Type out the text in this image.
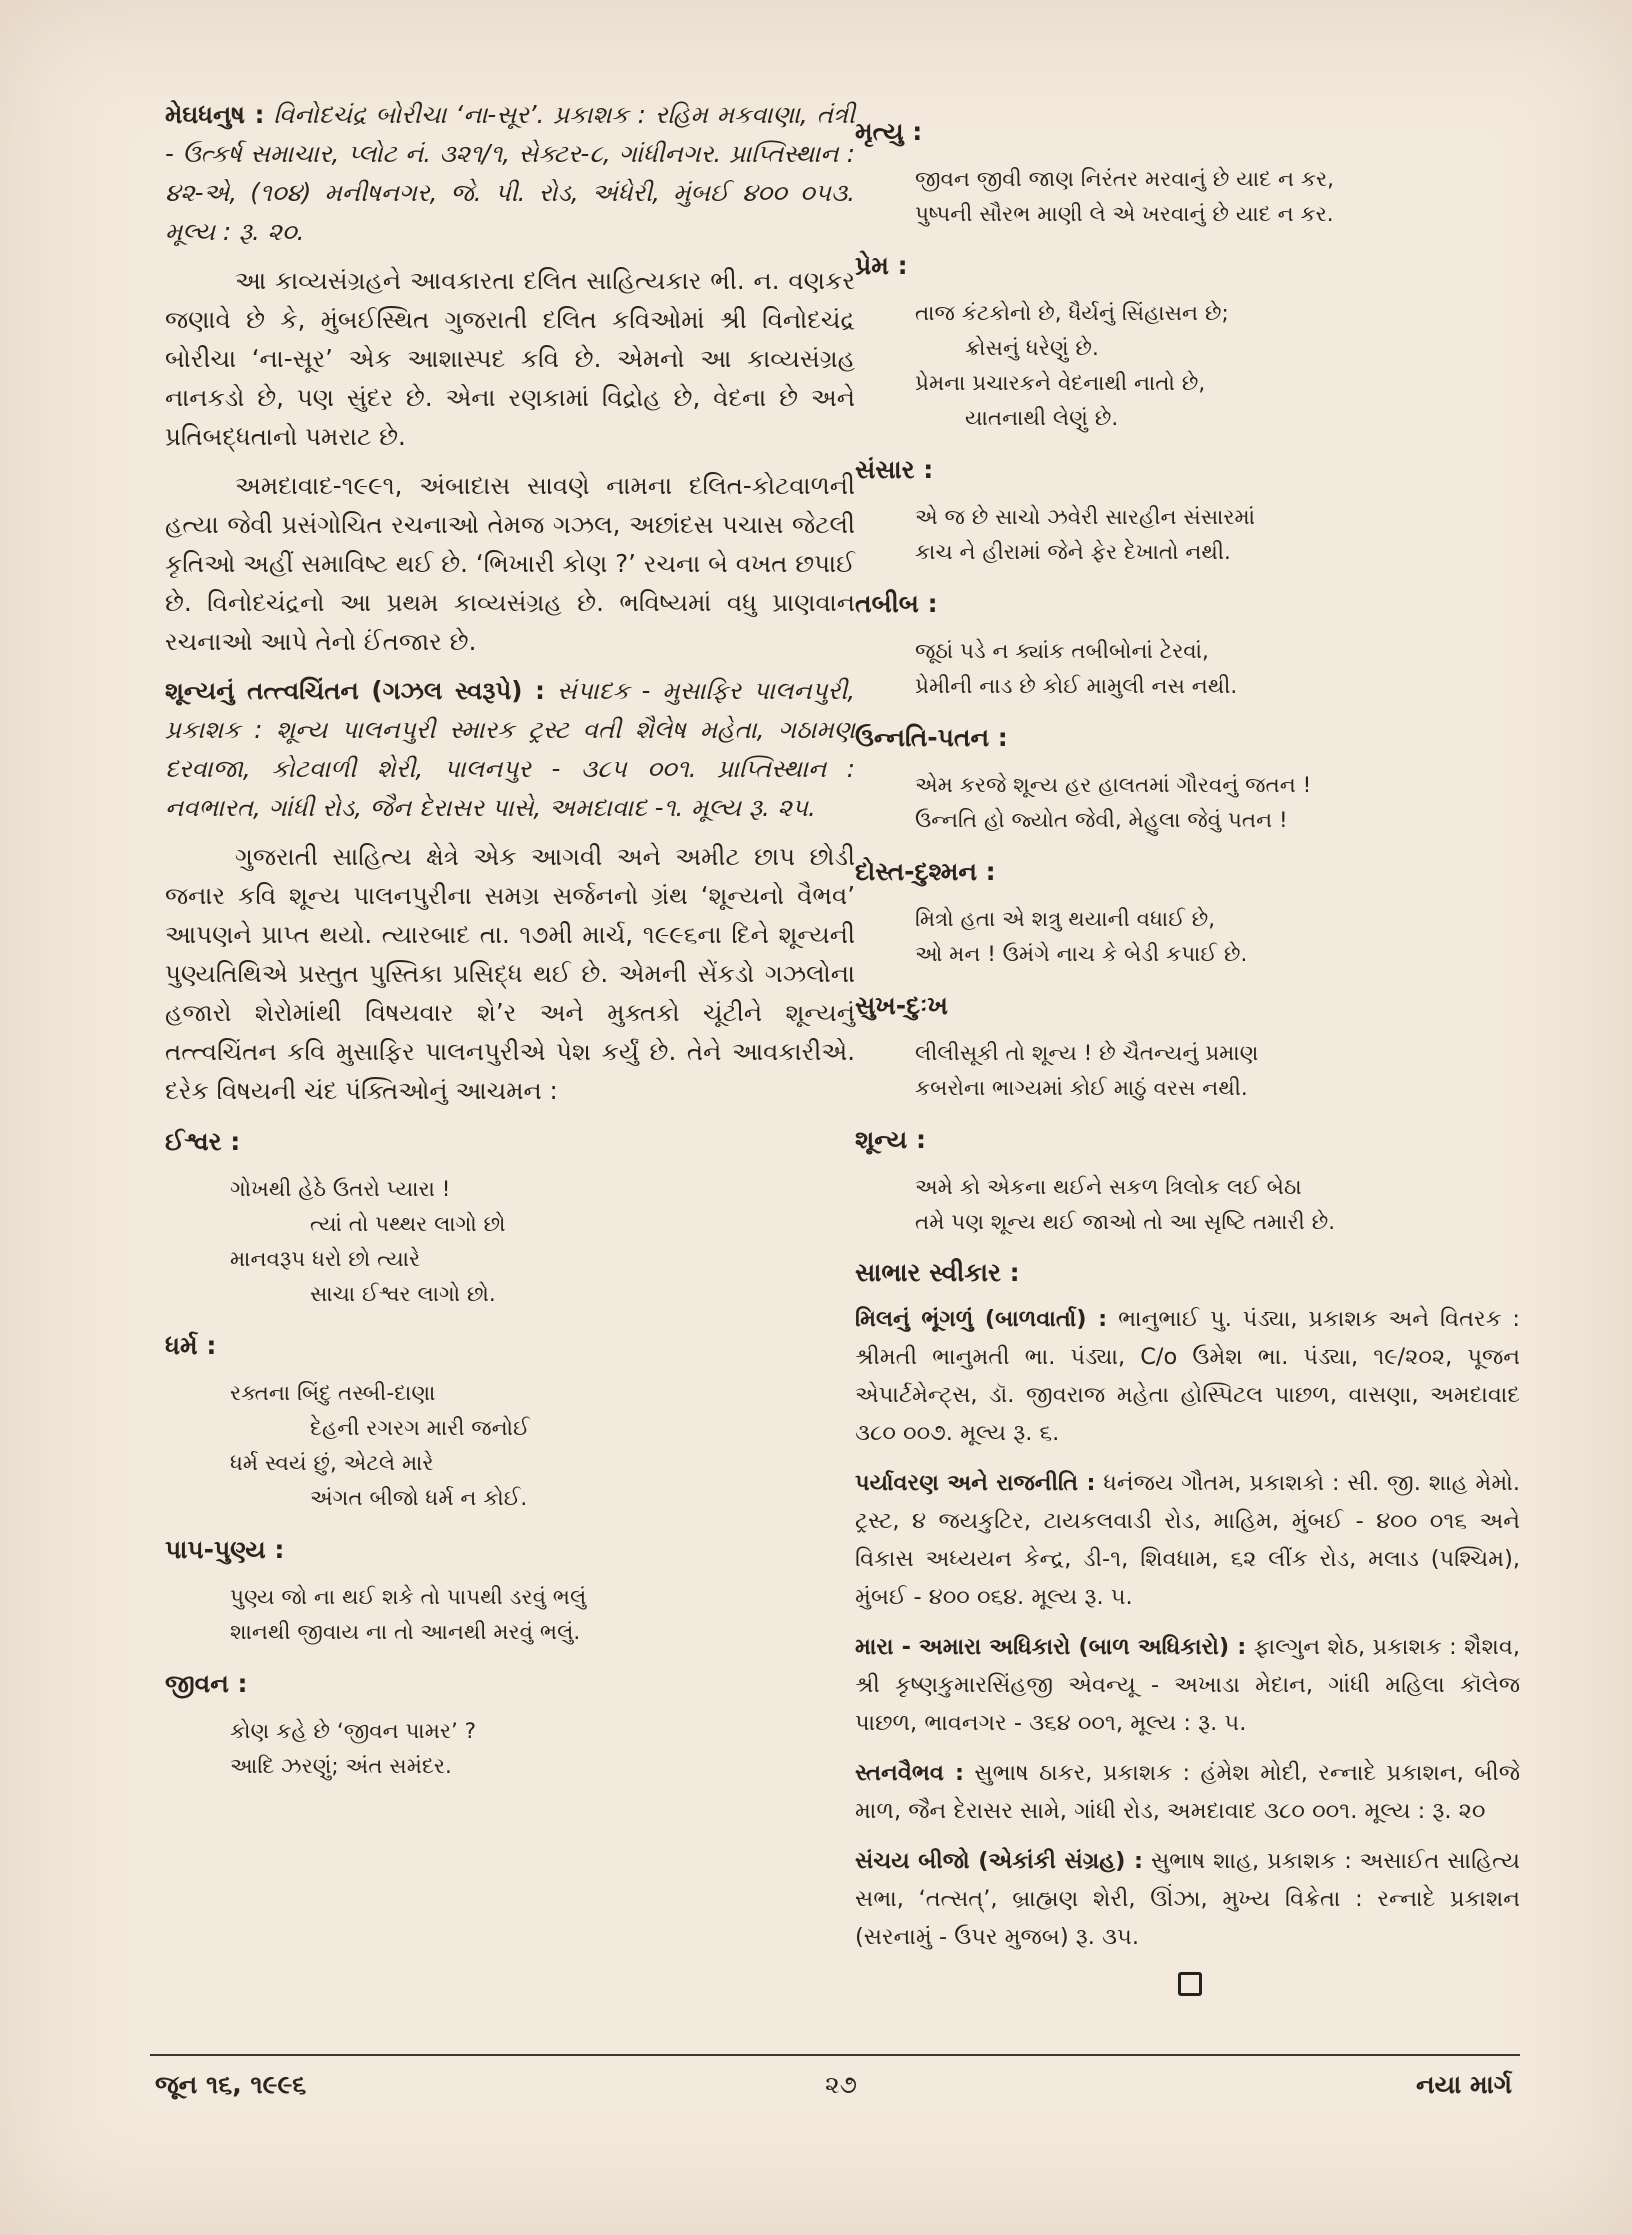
મેઘધનુષ : વિનોદચંદ્ર બોરીચા ‘ના-સૂર’. પ્રકાશક : રહિમ મકવાણા, તંત્રી - ઉત્કર્ષ સમાચાર, પ્લોટ નં. ૩૨૧/૧, સેક્ટર-૮, ગાંધીનગર. પ્રાપ્તિસ્થાન : ૪૨-એ, (૧૦૪) મનીષનગર, જે. પી. રોડ, અંધેરી, મુંબઈ ૪૦૦ ૦૫૩. મૂલ્ય : રૂ. ૨૦.
આ કાવ્યસંગ્રહને આવકારતા દલિત સાહિત્યકાર ભી. ન. વણકર જણાવે છે કે, મુંબઈસ્થિત ગુજરાતી દલિત કવિઓમાં શ્રી વિનોદચંદ્ર બોરીચા ‘ના-સૂર’ એક આશાસ્પદ કવિ છે. એમનો આ કાવ્યસંગ્રહ નાનકડો છે, પણ સુંદર છે. એના રણકામાં વિદ્રોહ છે, વેદના છે અને પ્રતિબદ્ધતાનો પમરાટ છે.
અમદાવાદ-૧૯૯૧, અંબાદાસ સાવણે નામના દલિત-કોટવાળની હત્યા જેવી પ્રસંગોચિત રચનાઓ તેમજ ગઝલ, અછાંદસ પચાસ જેટલી કૃતિઓ અહીં સમાવિષ્ટ થઈ છે. ‘ભિખારી કોણ ?’ રચના બે વખત છપાઈ છે. વિનોદચંદ્રનો આ પ્રથમ કાવ્યસંગ્રહ છે. ભવિષ્યમાં વધુ પ્રાણવાન રચનાઓ આપે તેનો ઈંતજાર છે.
શૂન્યનું તત્ત્વચિંતન (ગઝલ સ્વરૂપે) : સંપાદક - મુસાફિર પાલનપુરી, પ્રકાશક : શૂન્ય પાલનપુરી સ્મારક ટ્રસ્ટ વતી શૈલેષ મહેતા, ગઠામણ દરવાજા, કોટવાળી શેરી, પાલનપુર - ૩૮૫ ૦૦૧. પ્રાપ્તિસ્થાન : નવભારત, ગાંધી રોડ, જૈન દેરાસર પાસે, અમદાવાદ -૧. મૂલ્ય રૂ. ૨૫.
ગુજરાતી સાહિત્ય ક્ષેત્રે એક આગવી અને અમીટ છાપ છોડી જનાર કવિ શૂન્ય પાલનપુરીના સમગ્ર સર્જનનો ગ્રંથ ‘શૂન્યનો વૈભવ’ આપણને પ્રાપ્ત થયો. ત્યારબાદ તા. ૧૭મી માર્ચ, ૧૯૯૬ના દિને શૂન્યની પુણ્યતિથિએ પ્રસ્તુત પુસ્તિકા પ્રસિદ્ધ થઈ છે. એમની સેંકડો ગઝલોના હજારો શેરોમાંથી વિષયવાર શે’ર અને મુક્તકો ચૂંટીને શૂન્યનું તત્ત્વચિંતન કવિ મુસાફિર પાલનપુરીએ પેશ કર્યું છે. તેને આવકારીએ. દરેક વિષયની ચંદ પંક્તિઓનું આચમન :
ઈશ્વર :
ગોખથી હેઠે ઉતરો પ્યારા !
ત્યાં તો પથ્થર લાગો છો
માનવરૂપ ધરો છો ત્યારે
સાચા ઈશ્વર લાગો છો.
ધર્મ :
રક્તના બિંદુ તસ્બી-દાણા
દેહની રગરગ મારી જનોઈ
ધર્મ સ્વયં છું, એટલે મારે
અંગત બીજો ધર્મ ન કોઈ.
પાપ-પુણ્ય :
પુણ્ય જો ના થઈ શકે તો પાપથી ડરવું ભલું
શાનથી જીવાય ના તો આનથી મરવું ભલું.
જીવન :
કોણ કહે છે ‘જીવન પામર’ ?
આદિ ઝરણું; અંત સમંદર.
મૃત્યુ :
જીવન જીવી જાણ નિરંતર મરવાનું છે યાદ ન કર,
પુષ્પની સૌરભ માણી લે એ ખરવાનું છે યાદ ન કર.
પ્રેમ :
તાજ કંટકોનો છે, ધૈર્યનું સિંહાસન છે;
ક્રોસનું ધરેણું છે.
પ્રેમના પ્રચારકને વેદનાથી નાતો છે,
યાતનાથી લેણું છે.
સંસાર :
એ જ છે સાચો ઝવેરી સારહીન સંસારમાં
કાચ ને હીરામાં જેને ફેર દેખાતો નથી.
તબીબ :
જૂઠાં પડે ન ક્યાંક તબીબોનાં ટેરવાં,
પ્રેમીની નાડ છે કોઈ મામુલી નસ નથી.
ઉન્નતિ-પતન :
એમ કરજે શૂન્ય હર હાલતમાં ગૌરવનું જતન !
ઉન્નતિ હો જ્યોત જેવી, મેહુલા જેવું પતન !
દોસ્ત-દુશ્મન :
મિત્રો હતા એ શત્રુ થયાની વધાઈ છે,
ઓ મન ! ઉમંગે નાચ કે બેડી કપાઈ છે.
સુખ-દુઃખ
લીલીસૂકી તો શૂન્ય ! છે ચૈતન્યનું પ્રમાણ
કબરોના ભાગ્યમાં કોઈ માઠું વરસ નથી.
શૂન્ય :
અમે કો એકના થઈને સકળ ત્રિલોક લઈ બેઠા
તમે પણ શૂન્ય થઈ જાઓ તો આ સૃષ્ટિ તમારી છે.
સાભાર સ્વીકાર :
મિલનું ભૂંગળું (બાળવાર્તા) : ભાનુભાઈ પુ. પંડ્યા, પ્રકાશક અને વિતરક : શ્રીમતી ભાનુમતી ભા. પંડ્યા, C/o ઉમેશ ભા. પંડ્યા, ૧૯/૨૦૨, પૂજન એપાર્ટમેન્ટ્સ, ડૉ. જીવરાજ મહેતા હોસ્પિટલ પાછળ, વાસણા, અમદાવાદ ૩૮૦ ૦૦૭. મૂલ્ય રૂ. ૬.
પર્યાવરણ અને રાજનીતિ : ધનંજય ગૌતમ, પ્રકાશકો : સી. જી. શાહ મેમો. ટ્રસ્ટ, ૪ જયકુટિર, ટાયકલવાડી રોડ, માહિમ, મુંબઈ - ૪૦૦ ૦૧૬ અને વિકાસ અધ્યયન કેન્દ્ર, ડી-૧, શિવધામ, ૬૨ લીંક રોડ, મલાડ (પશ્ચિમ), મુંબઈ - ૪૦૦ ૦૬૪. મૂલ્ય રૂ. ૫.
મારા - અમારા અધિકારો (બાળ અધિકારો) : ફાલ્ગુન શેઠ, પ્રકાશક : શૈશવ, શ્રી કૃષ્ણકુમારસિંહજી એવન્યૂ - અખાડા મેદાન, ગાંધી મહિલા કૉલેજ પાછળ, ભાવનગર - ૩૬૪ ૦૦૧, મૂલ્ય : રૂ. ૫.
સ્તનવૈભવ : સુભાષ ઠાકર, પ્રકાશક : હંમેશ મોદી, રન્નાદે પ્રકાશન, બીજે માળ, જૈન દેરાસર સામે, ગાંધી રોડ, અમદાવાદ ૩૮૦ ૦૦૧. મૂલ્ય : રૂ. ૨૦
સંચય બીજો (એકાંકી સંગ્રહ) : સુભાષ શાહ, પ્રકાશક : અસાઈત સાહિત્ય સભા, ‘તત્સત્’, બ્રાહ્મણ શેરી, ઊંઝા, મુખ્ય વિક્રેતા : રન્નાદે પ્રકાશન (સરનામું - ઉપર મુજબ) રૂ. ૩૫.
જૂન ૧૬, ૧૯૯૬	૨૭	નયા માર્ગ
